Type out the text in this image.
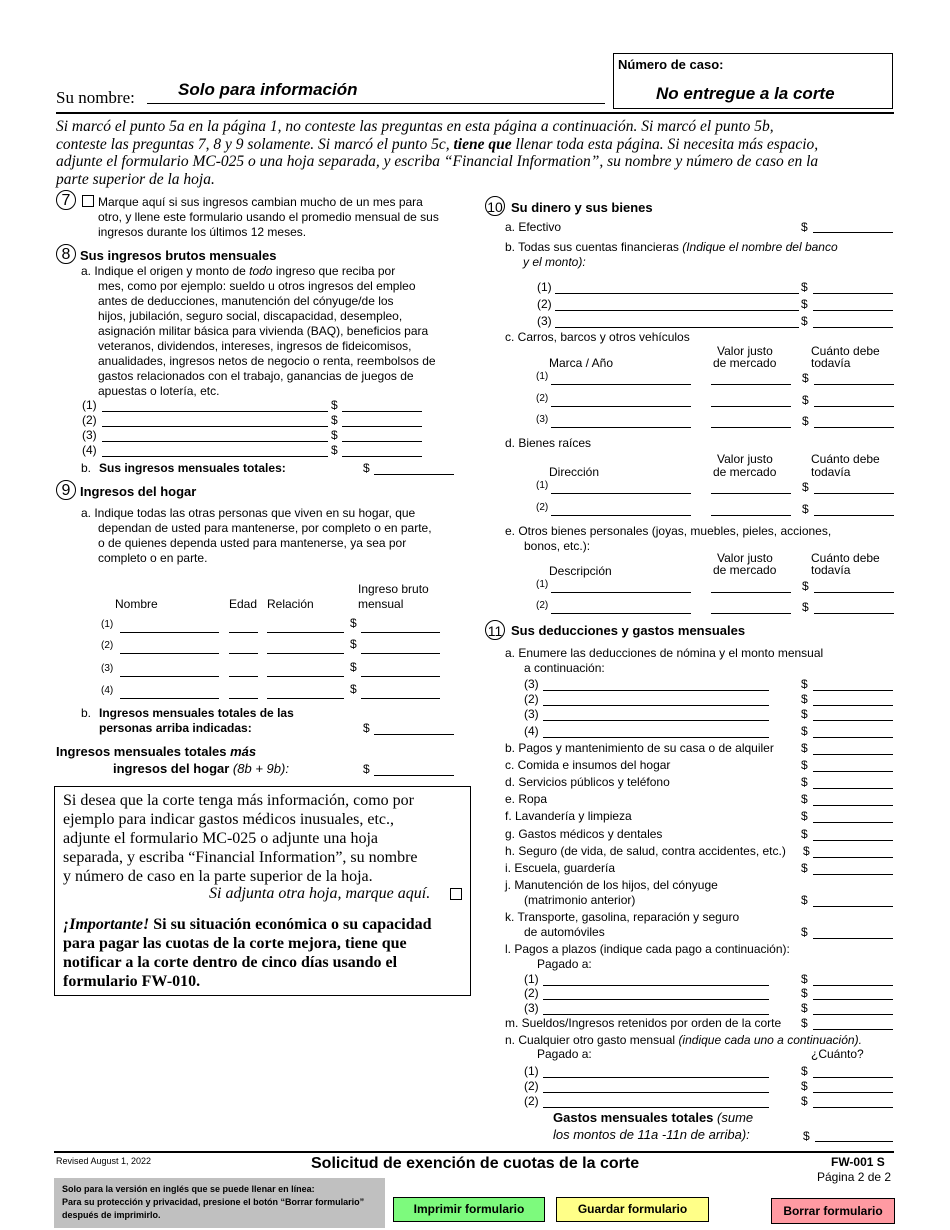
Su nombre:	Solo para información
Número de caso:
No entregue a la corte
Si marcó el punto 5a en la página 1, no conteste las preguntas en esta página a continuación. Si marcó el punto 5b,
conteste las preguntas 7, 8 y 9 solamente. Si marcó el punto 5c, tiene que llenar toda esta página. Si necesita más espacio,
adjunte el formulario MC-025 o una hoja separada, y escriba “Financial Information”, su nombre y número de caso en la
parte superior de la hoja.
7	Marque aquí si sus ingresos cambian mucho de un mes para
otro, y llene este formulario usando el promedio mensual de sus
ingresos durante los últimos 12 meses.
8 Sus ingresos brutos mensuales
a. Indique el origen y monto de todo ingreso que reciba por
mes, como por ejemplo: sueldo u otros ingresos del empleo
antes de deducciones, manutención del cónyuge/de los
hijos, jubilación, seguro social, discapacidad, desempleo,
asignación militar básica para vivienda (BAQ), beneficios para
veteranos, dividendos, intereses, ingresos de fideicomisos,
anualidades, ingresos netos de negocio o renta, reembolsos de
gastos relacionados con el trabajo, ganancias de juegos de
apuestas o lotería, etc.
(1)	$
(2)	$
(3)	$
(4)	$
b. Sus ingresos mensuales totales:	$
9 Ingresos del hogar
a. Indique todas las otras personas que viven en su hogar, que
dependan de usted para mantenerse, por completo o en parte,
o de quienes dependa usted para mantenerse, ya sea por
completo o en parte.
Ingreso bruto
mensual
Nombre	Edad Relación
(1)	$
(2)	$
(3)	$
(4)	$
b. Ingresos mensuales totales de las
personas arriba indicadas:	$
Ingresos mensuales totales más
ingresos del hogar (8b + 9b):	$
Si desea que la corte tenga más información, como por
ejemplo para indicar gastos médicos inusuales, etc.,
adjunte el formulario MC-025 o adjunte una hoja
separada, y escriba “Financial Information”, su nombre
y número de caso en la parte superior de la hoja.
Si adjunta otra hoja, marque aquí.
¡Importante! Si su situación económica o su capacidad
para pagar las cuotas de la corte mejora, tiene que
notificar a la corte dentro de cinco días usando el
formulario FW-010.
10 Su dinero y sus bienes
a. Efectivo	$
b. Todas sus cuentas financieras (Indique el nombre del banco
y el monto):
(1)	$
(2)	$
(3)	$
c. Carros, barcos y otros vehículos
Valor justo
de mercado
Cuánto debe
todavía
Marca / Año
(1)	$
(2)	$
(3)	$
d. Bienes raíces
Valor justo
de mercado
Cuánto debe
todavía
Dirección
(1)	$
(2)	$
e. Otros bienes personales (joyas, muebles, pieles, acciones,
bonos, etc.):
Valor justo
de mercado
Cuánto debe
todavía
Descripción
(1)	$
(2)	$
11 Sus deducciones y gastos mensuales
a. Enumere las deducciones de nómina y el monto mensual
a continuación:
(3)	$
(2)	$
(3)	$
(4)	$
b. Pagos y mantenimiento de su casa o de alquiler $
c. Comida e insumos del hogar	$
d. Servicios públicos y teléfono	$
e. Ropa	$
f. Lavandería y limpieza	$
g. Gastos médicos y dentales	$
h. Seguro (de vida, de salud, contra accidentes, etc.) $
i. Escuela, guardería	$
j. Manutención de los hijos, del cónyuge
(matrimonio anterior)	$
k. Transporte, gasolina, reparación y seguro
de automóviles	$
l. Pagos a plazos (indique cada pago a continuación):
Pagado a:
(1)	$
(2)	$
(3)	$
m. Sueldos/Ingresos retenidos por orden de la corte $
n. Cualquier otro gasto mensual (indique cada uno a continuación).
Pagado a:	¿Cuánto?
(1)	$
(2)	$
(2)	$
Gastos mensuales totales (sume
los montos de 11a -11n de arriba):	$
Revised August 1, 2022	Solicitud de exención de cuotas de la corte	FW-001 S
Página 2 de 2
Solo para la versión en inglés que se puede llenar en línea:
Para su protección y privacidad, presione el botón “Borrar formulario”
después de imprimirlo.	Imprimir formulario	Guardar formulario	Borrar formulario
